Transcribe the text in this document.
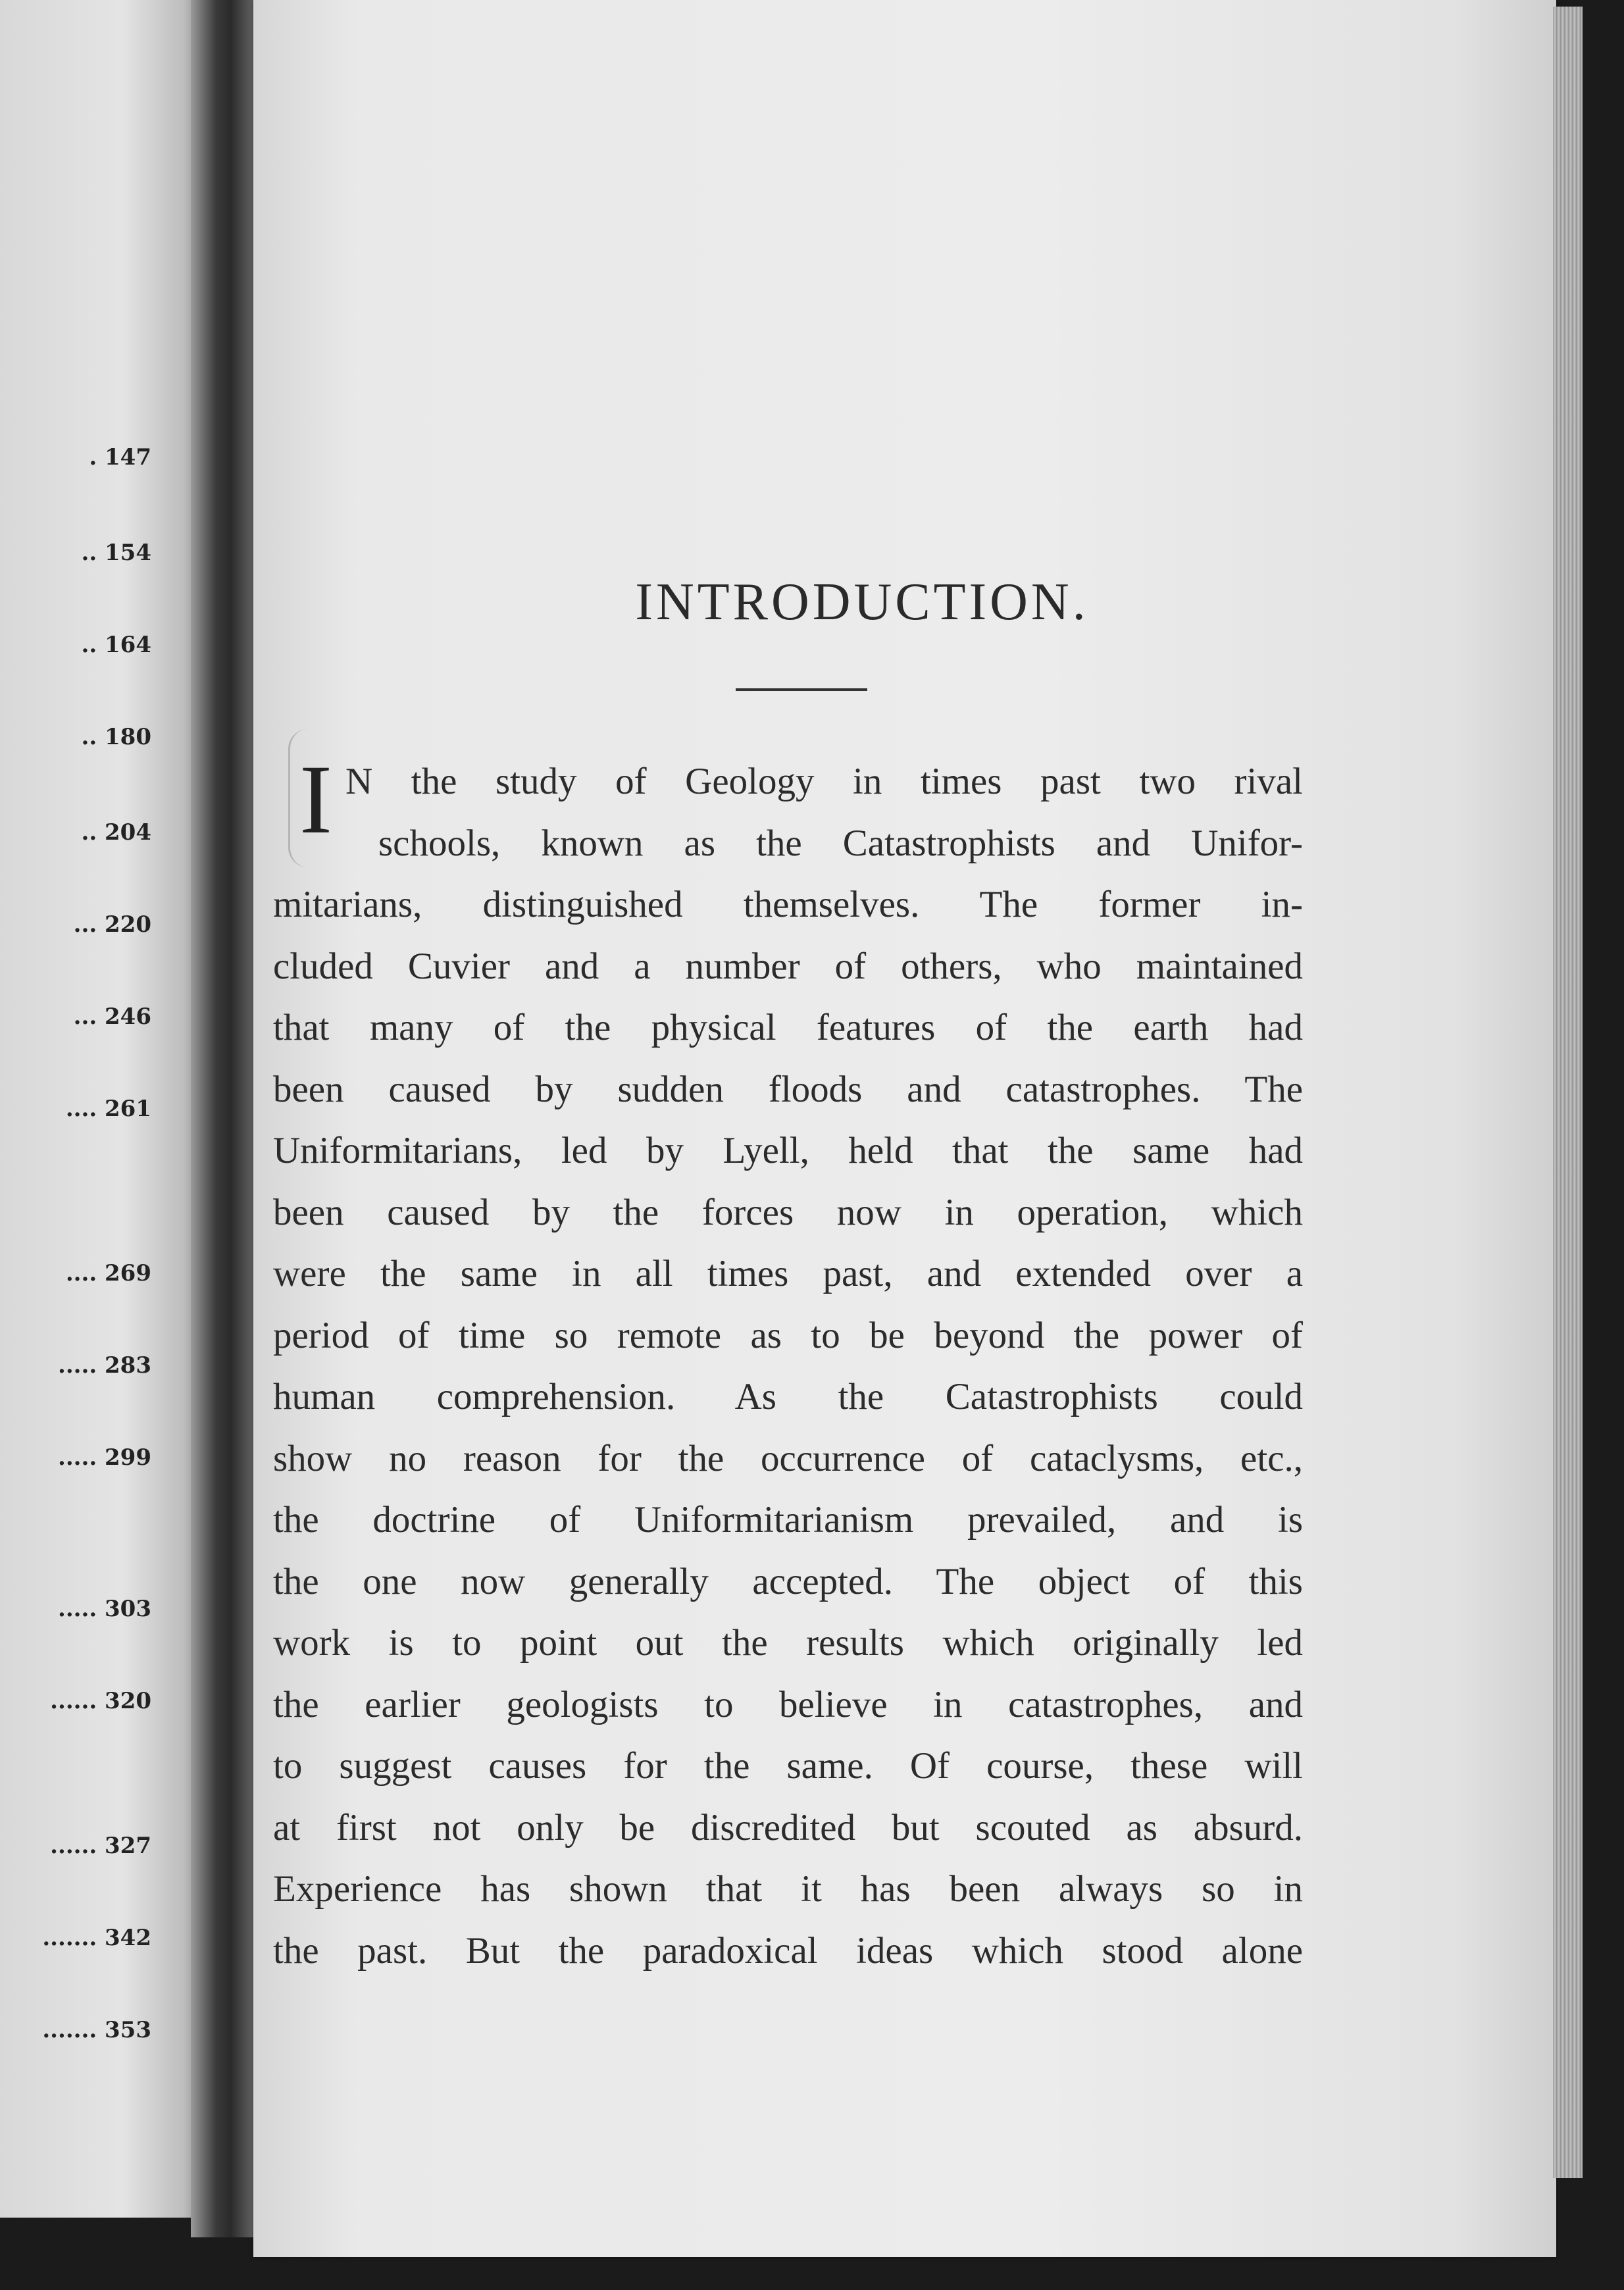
. 147
.. 154
.. 164
.. 180
.. 204
... 220
... 246
.... 261
.... 269
..... 283
..... 299
..... 303
...... 320
...... 327
....... 342
....... 353
INTRODUCTION.
I N the study of Geology in times past two rival
schools, known as the Catastrophists and Unifor-
mitarians, distinguished themselves. The former in-
cluded Cuvier and a number of others, who maintained
that many of the physical features of the earth had
been caused by sudden floods and catastrophes. The
Uniformitarians, led by Lyell, held that the same had
been caused by the forces now in operation, which
were the same in all times past, and extended over a
period of time so remote as to be beyond the power of
human comprehension. As the Catastrophists could
show no reason for the occurrence of cataclysms, etc.,
the doctrine of Uniformitarianism prevailed, and is
the one now generally accepted. The object of this
work is to point out the results which originally led
the earlier geologists to believe in catastrophes, and
to suggest causes for the same. Of course, these will
at first not only be discredited but scouted as absurd.
Experience has shown that it has been always so in
the past. But the paradoxical ideas which stood alone
